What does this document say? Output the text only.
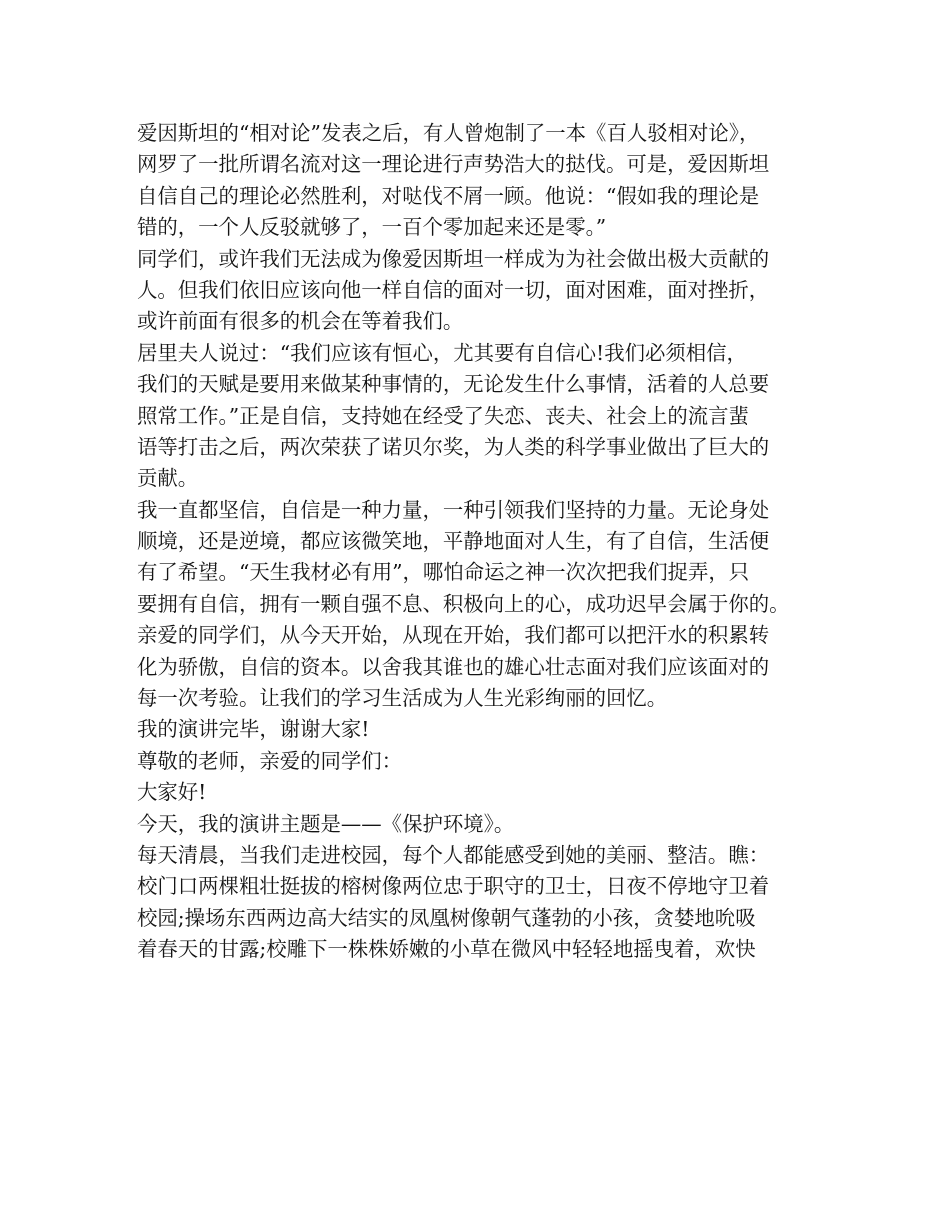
爱因斯坦的“相对论”发表之后，有人曾炮制了一本《百人驳相对论》，
网罗了一批所谓名流对这一理论进行声势浩大的挞伐。可是，爱因斯坦
自信自己的理论必然胜利，对哒伐不屑一顾。他说：“假如我的理论是
错的，一个人反驳就够了，一百个零加起来还是零。”
同学们，或许我们无法成为像爱因斯坦一样成为为社会做出极大贡献的
人。但我们依旧应该向他一样自信的面对一切，面对困难，面对挫折，
或许前面有很多的机会在等着我们。
居里夫人说过：“我们应该有恒心，尤其要有自信心!我们必须相信，
我们的天赋是要用来做某种事情的，无论发生什么事情，活着的人总要
照常工作。”正是自信，支持她在经受了失恋、丧夫、社会上的流言蜚
语等打击之后，两次荣获了诺贝尔奖，为人类的科学事业做出了巨大的
贡献。
我一直都坚信，自信是一种力量，一种引领我们坚持的力量。无论身处
顺境，还是逆境，都应该微笑地，平静地面对人生，有了自信，生活便
有了希望。“天生我材必有用”，哪怕命运之神一次次把我们捉弄，只
要拥有自信，拥有一颗自强不息、积极向上的心，成功迟早会属于你的。
亲爱的同学们，从今天开始，从现在开始，我们都可以把汗水的积累转
化为骄傲，自信的资本。以舍我其谁也的雄心壮志面对我们应该面对的
每一次考验。让我们的学习生活成为人生光彩绚丽的回忆。
我的演讲完毕，谢谢大家!
尊敬的老师，亲爱的同学们：
大家好!
今天，我的演讲主题是——《保护环境》。
每天清晨，当我们走进校园，每个人都能感受到她的美丽、整洁。瞧：
校门口两棵粗壮挺拔的榕树像两位忠于职守的卫士，日夜不停地守卫着
校园;操场东西两边高大结实的凤凰树像朝气蓬勃的小孩，贪婪地吮吸
着春天的甘露;校雕下一株株娇嫩的小草在微风中轻轻地摇曳着，欢快
